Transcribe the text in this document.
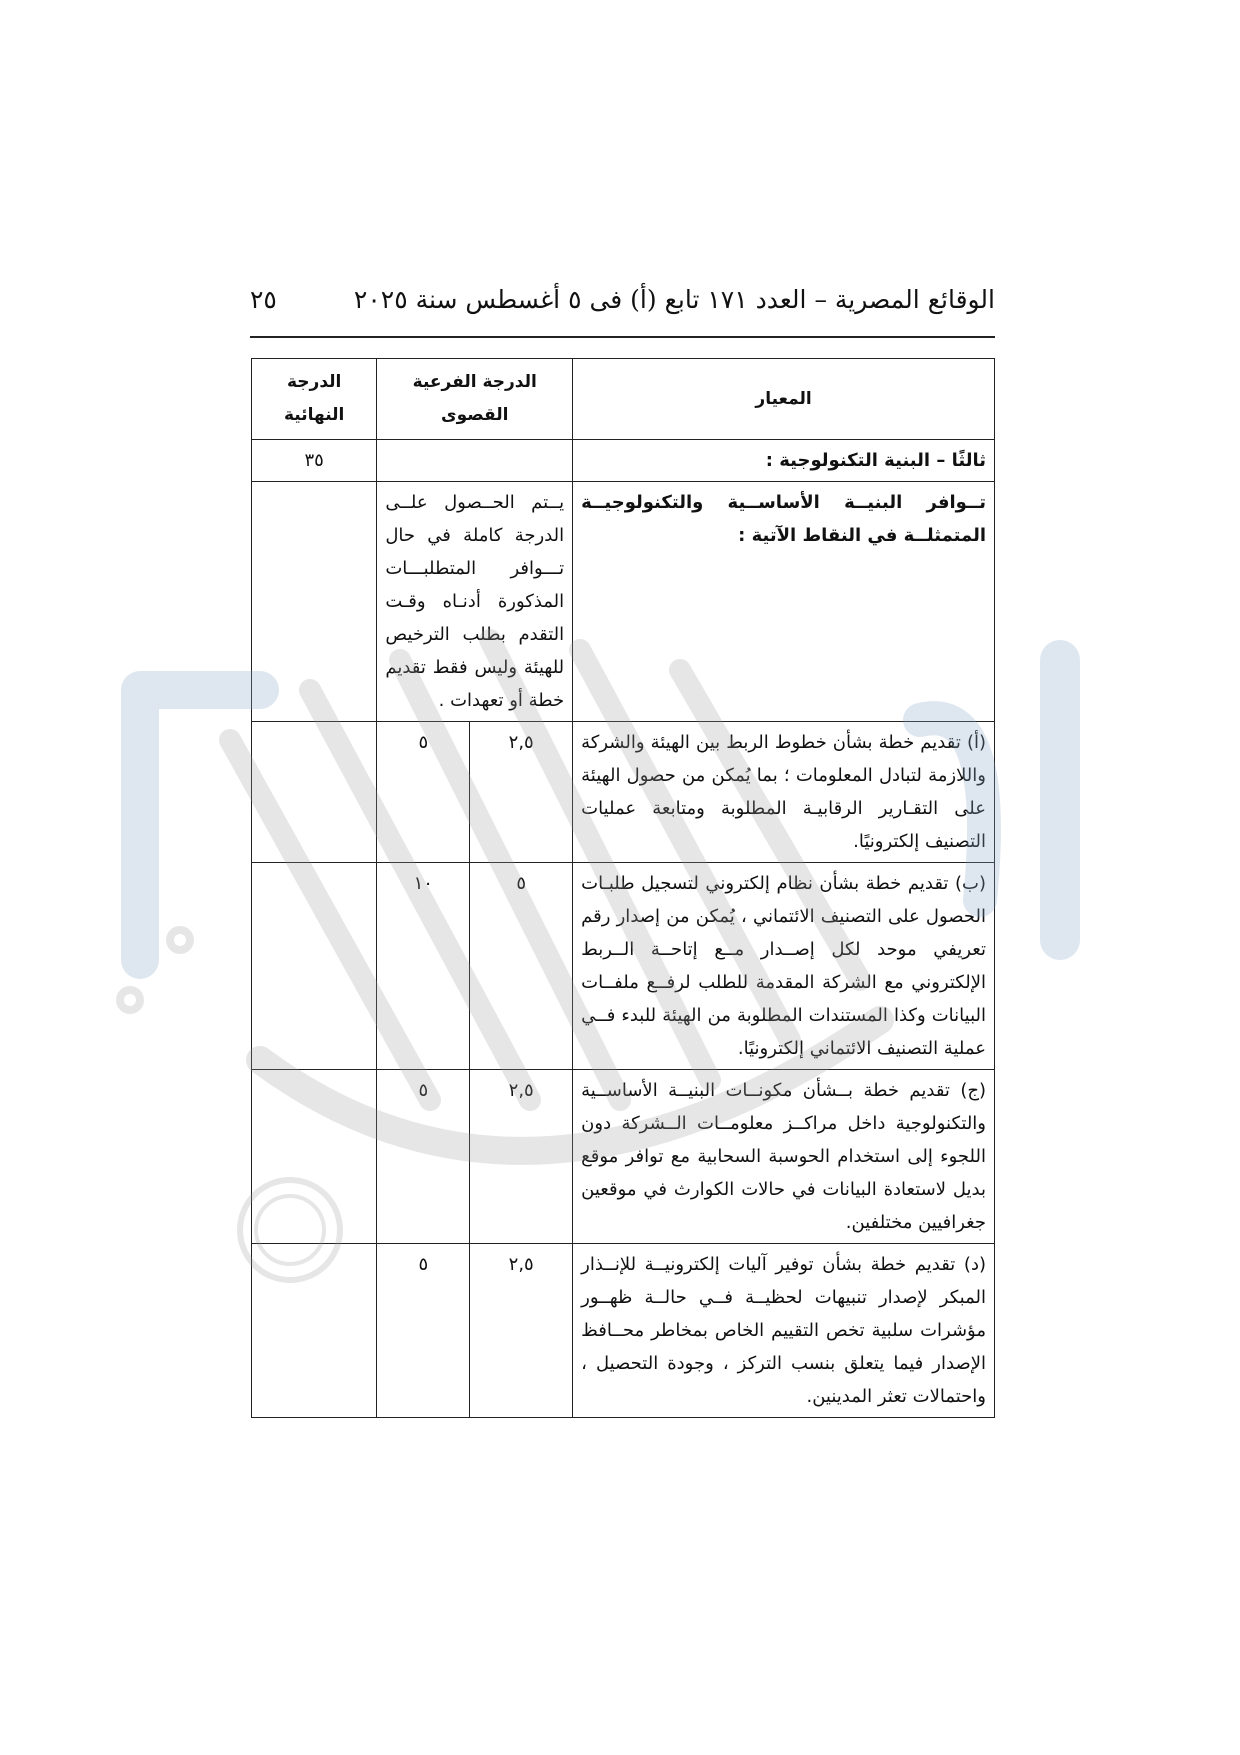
الوقائع المصرية – العدد ١٧١ تابع (أ) فى ٥ أغسطس سنة ٢٠٢٥
٢٥
المعيار	الدرجة الفرعية القصوى		الدرجة النهائية
ثالثًا – البنية التكنولوجية :			٣٥
تــوافر البنيــة الأساســية والتكنولوجيــة المتمثلــة في النقاط الآتية :	يــتم الحــصول علــى الدرجة كاملة في حال تـــوافر المتطلبـــات المذكورة أدنـاه وقـت التقدم بطلب الترخيص للهيئة وليس فقط تقديم خطة أو تعهدات .		
(أ) تقديم خطة بشأن خطوط الربط بين الهيئة والشركة واللازمة لتبادل المعلومات ؛ بما يُمكن من حصول الهيئة على التقـارير الرقابيـة المطلوبة ومتابعة عمليات التصنيف إلكترونيًا.	٢,٥	٥	
(ب) تقديم خطة بشأن نظام إلكتروني لتسجيل طلبـات الحصول على التصنيف الائتماني ، يُمكن من إصدار رقم تعريفي موحد لكل إصــدار مــع إتاحــة الــربط الإلكتروني مع الشركة المقدمة للطلب لرفــع ملفــات البيانات وكذا المستندات المطلوبة من الهيئة للبدء فــي عملية التصنيف الائتماني إلكترونيًا.	٥	١٠	
(ج) تقديم خطة بــشأن مكونــات البنيــة الأساســية والتكنولوجية داخل مراكــز معلومــات الــشركة دون اللجوء إلى استخدام الحوسبة السحابية مع توافر موقع بديل لاستعادة البيانات في حالات الكوارث في موقعين جغرافيين مختلفين.	٢,٥	٥	
(د) تقديم خطة بشأن توفير آليات إلكترونيــة للإنــذار المبكر لإصدار تنبيهات لحظيــة فــي حالــة ظهــور مؤشرات سلبية تخص التقييم الخاص بمخاطر محــافظ الإصدار فيما يتعلق بنسب التركز ، وجودة التحصيل ، واحتمالات تعثر المدينين.	٢,٥	٥	
